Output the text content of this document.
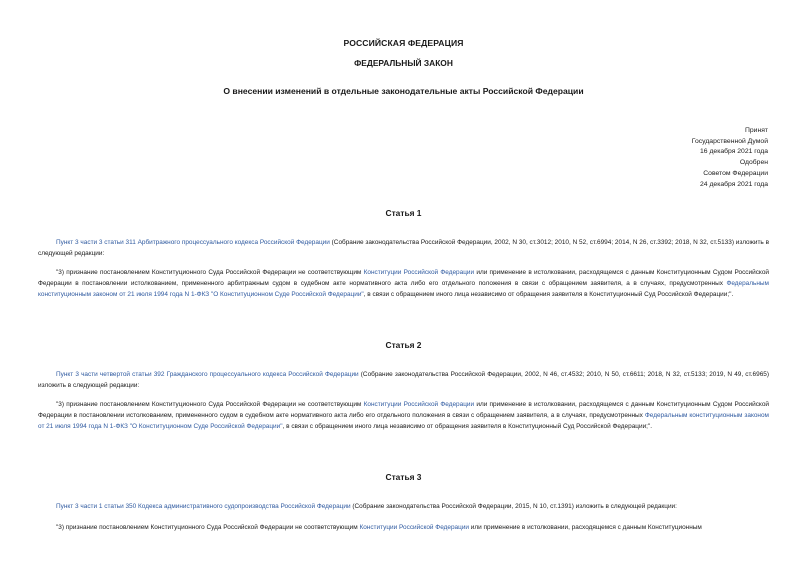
РОССИЙСКАЯ ФЕДЕРАЦИЯ
ФЕДЕРАЛЬНЫЙ ЗАКОН
О внесении изменений в отдельные законодательные акты Российской Федерации
Принят
Государственной Думой
16 декабря 2021 года
Одобрен
Советом Федерации
24 декабря 2021 года
Статья 1
Пункт 3 части 3 статьи 311 Арбитражного процессуального кодекса Российской Федерации (Собрание законодательства Российской Федерации, 2002, N 30, ст.3012; 2010, N 52, ст.6994; 2014, N 26, ст.3392; 2018, N 32, ст.5133) изложить в следующей редакции:
"3) признание постановлением Конституционного Суда Российской Федерации не соответствующим Конституции Российской Федерации или применение в истолковании, расходящемся с данным Конституционным Судом Российской Федерации в постановлении истолкованием, примененного арбитражным судом в судебном акте нормативного акта либо его отдельного положения в связи с обращением заявителя, а в случаях, предусмотренных Федеральным конституционным законом от 21 июля 1994 года N 1-ФКЗ "О Конституционном Суде Российской Федерации", в связи с обращением иного лица независимо от обращения заявителя в Конституционный Суд Российской Федерации;".
Статья 2
Пункт 3 части четвертой статьи 392 Гражданского процессуального кодекса Российской Федерации (Собрание законодательства Российской Федерации, 2002, N 46, ст.4532; 2010, N 50, ст.6611; 2018, N 32, ст.5133; 2019, N 49, ст.6965) изложить в следующей редакции:
"3) признание постановлением Конституционного Суда Российской Федерации не соответствующим Конституции Российской Федерации или применение в истолковании, расходящемся с данным Конституционным Судом Российской Федерации в постановлении истолкованием, примененного судом в судебном акте нормативного акта либо его отдельного положения в связи с обращением заявителя, а в случаях, предусмотренных Федеральным конституционным законом от 21 июля 1994 года N 1-ФКЗ "О Конституционном Суде Российской Федерации", в связи с обращением иного лица независимо от обращения заявителя в Конституционный Суд Российской Федерации;".
Статья 3
Пункт 3 части 1 статьи 350 Кодекса административного судопроизводства Российской Федерации (Собрание законодательства Российской Федерации, 2015, N 10, ст.1391) изложить в следующей редакции:
"3) признание постановлением Конституционного Суда Российской Федерации не соответствующим Конституции Российской Федерации или применение в истолковании, расходящемся с данным Конституционным
